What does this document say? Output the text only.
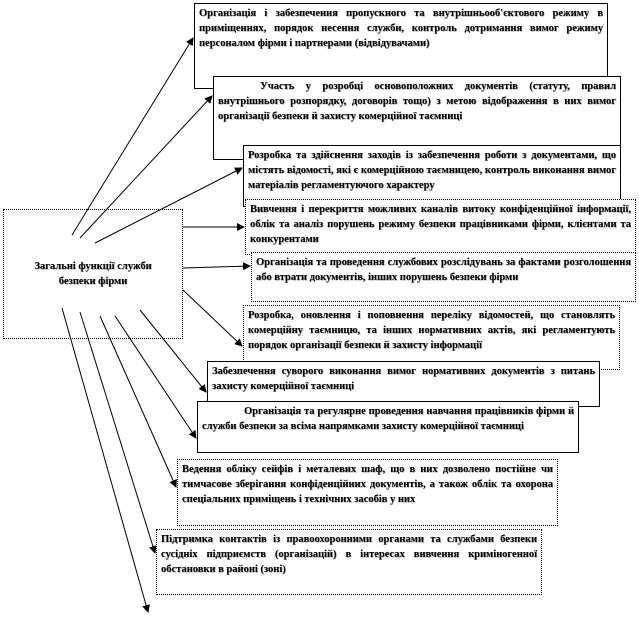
Загальні функції служби безпеки фірми
Організація і забезпечення пропускного та внутрішньооб'єктового режиму в приміщеннях, порядок несення служби, контроль дотримання вимог режиму персоналом фірми і партнерами (відвідувачами)
Участь у розробці основоположних документів (статуту, правил внутрішнього розпорядку, договорів тощо) з метою відображення в них вимог організації безпеки й захисту комерційної таємниці
Розробка та здійснення заходів із забезпечення роботи з документами, що містять відомості, які є комерційною таємницею, контроль виконання вимог матеріалів регламентуючого характеру
Вивчення і перекриття можливих каналів витоку конфіденційної інформації, облік та аналіз порушень режиму безпеки працівниками фірми, клієнтами та конкурентами
Організація та проведення службових розслідувань за фактами розголошення або втрати документів, інших порушень безпеки фірми
Розробка, оновлення і поповнення переліку відомостей, що становлять комерційну таємницю, та інших нормативних актів, які регламентують порядок організації безпеки й захисту інформації
Забезпечення суворого виконання вимог нормативних документів з питань захисту комерційної таємниці
Організація та регулярне проведення навчання працівників фірми й служби безпеки за всіма напрямками захисту комерційної таємниці
Ведення обліку сейфів і металевих шаф, що в них дозволено постійне чи тимчасове зберігання конфіденційних документів, а також облік та охорона спеціальних приміщень і технічних засобів у них
Підтримка контактів із правоохоронними органами та службами безпеки сусідніх підприємств (організацій) в інтересах вивчення криміногенної обстановки в районі (зоні)
